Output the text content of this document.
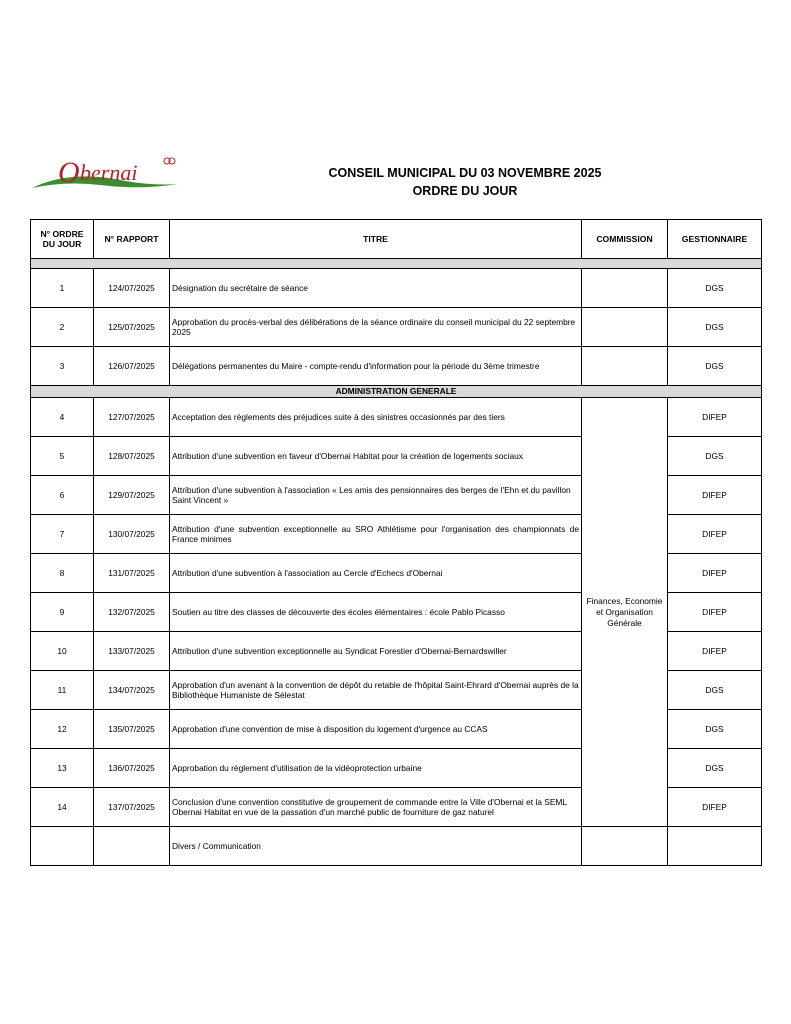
O bernai	CONSEIL MUNICIPAL DU 03 NOVEMBRE 2025
ORDRE DU JOUR
N° ORDRE
DU JOUR	N° RAPPORT	TITRE	COMMISSION	GESTIONNAIRE

1	124/07/2025	Désignation du secrétaire de séance		DGS
2	125/07/2025	Approbation du procès-verbal des délibérations de la séance ordinaire du conseil municipal du 22 septembre 2025		DGS
3	126/07/2025	Délégations permanentes du Maire - compte-rendu d'information pour la période du 3ème trimestre		DGS
ADMINISTRATION GENERALE				
4	127/07/2025	Acceptation des règlements des préjudices suite à des sinistres occasionnés par des tiers	Finances, Economie et Organisation Générale	DIFEP
5	128/07/2025	Attribution d'une subvention en faveur d'Obernai Habitat pour la création de logements sociaux		DGS
6	129/07/2025	Attribution d'une subvention à l'association « Les amis des pensionnaires des berges de l'Ehn et du pavillon Saint Vincent »		DIFEP
7	130/07/2025	Attribution d'une subvention exceptionnelle au SRO Athlétisme pour l'organisation des championnats de France minimes		DIFEP
8	131/07/2025	Attribution d'une subvention à l'association au Cercle d'Echecs d'Obernai		DIFEP
9	132/07/2025	Soutien au titre des classes de découverte des écoles élémentaires : école Pablo Picasso		DIFEP
10	133/07/2025	Attribution d'une subvention exceptionnelle au Syndicat Forestier d'Obernai-Bernardswiller		DIFEP
11	134/07/2025	Approbation d'un avenant à la convention de dépôt du retable de l'hôpital Saint-Ehrard d'Obernai auprès de la Bibliothèque Humaniste de Sélestat		DGS
12	135/07/2025	Approbation d'une convention de mise à disposition du logement d'urgence au CCAS		DGS
13	136/07/2025	Approbation du règlement d'utilisation de la vidéoprotection urbaine		DGS
14	137/07/2025	Conclusion d'une convention constitutive de groupement de commande entre la Ville d'Obernai et la SEML Obernai Habitat en vue de la passation d'un marché public de fourniture de gaz naturel		DIFEP
		Divers / Communication		
